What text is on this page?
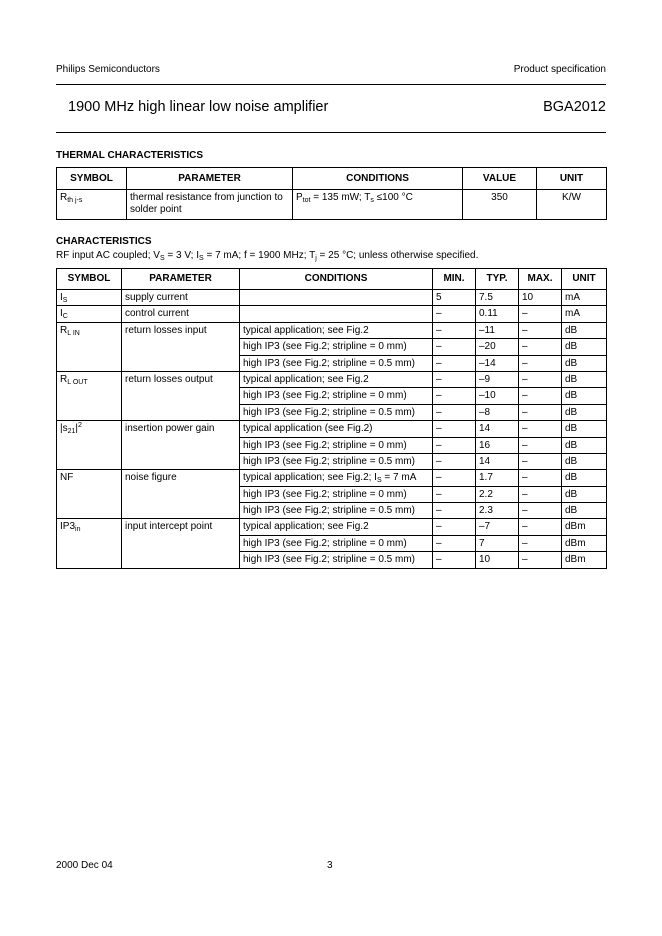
Philips Semiconductors	Product specification
1900 MHz high linear low noise amplifier	BGA2012
THERMAL CHARACTERISTICS
SYMBOL	PARAMETER	CONDITIONS	VALUE	UNIT
$R_{th j-s}$	thermal resistance from junction to solder point	$P_{tot} = 135$ mW; $T_s \le 100$ °C	350	K/W
CHARACTERISTICS
RF input AC coupled; $V_S = 3$ V; $I_S = 7$ mA; f = 1900 MHz; $T_j = 25$ °C; unless otherwise specified.
SYMBOL	PARAMETER	CONDITIONS	MIN.	TYP.	MAX.	UNIT
$I_S$	supply current		5	7.5	10	mA
$I_C$	control current		–	0.11	–	mA
$R_{L IN}$	return losses input	typical application; see Fig.2	–	–11	–	dB
		high IP3 (see Fig.2; stripline = 0 mm)	–	–20	–	dB
		high IP3 (see Fig.2; stripline = 0.5 mm)	–	–14	–	dB
$R_{L OUT}$	return losses output	typical application; see Fig.2	–	–9	–	dB
		high IP3 (see Fig.2; stripline = 0 mm)	–	–10	–	dB
		high IP3 (see Fig.2; stripline = 0.5 mm)	–	–8	–	dB
$|s_{21}|^2$	insertion power gain	typical application (see Fig.2)	–	14	–	dB
		high IP3 (see Fig.2; stripline = 0 mm)	–	16	–	dB
		high IP3 (see Fig.2; stripline = 0.5 mm)	–	14	–	dB
NF	noise figure	typical application; see Fig.2; $I_S = 7$ mA	–	1.7	–	dB
		high IP3 (see Fig.2; stripline = 0 mm)	–	2.2	–	dB
		high IP3 (see Fig.2; stripline = 0.5 mm)	–	2.3	–	dB
$IP3_{in}$	input intercept point	typical application; see Fig.2	–	–7	–	dBm
		high IP3 (see Fig.2; stripline = 0 mm)	–	7	–	dBm
		high IP3 (see Fig.2; stripline = 0.5 mm)	–	10	–	dBm
2000 Dec 04	3
